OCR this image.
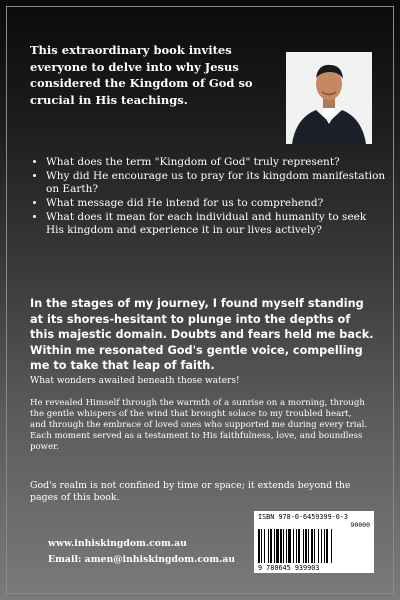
This extraordinary book invites everyone to delve into why Jesus considered the Kingdom of God so crucial in His teachings.
• What does the term "Kingdom of God" truly represent?
• Why did He encourage us to pray for its kingdom manifestation on Earth?
• What message did He intend for us to comprehend?
• What does it mean for each individual and humanity to seek His kingdom and experience it in our lives actively?
In the stages of my journey, I found myself standing at its shores-hesitant to plunge into the depths of this majestic domain. Doubts and fears held me back. Within me resonated God's gentle voice, compelling me to take that leap of faith.
What wonders awaited beneath those waters!
He revealed Himself through the warmth of a sunrise on a morning, through the gentle whispers of the wind that brought solace to my troubled heart, and through the embrace of loved ones who supported me during every trial. Each moment served as a testament to His faithfulness, love, and boundless power.
God's realm is not confined by time or space; it extends beyond the pages of this book.
www.inhiskingdom.com.au
Email: amen@inhiskingdom.com.au
ISBN 978-0-6459399-0-3
90000
9 780645 939903
